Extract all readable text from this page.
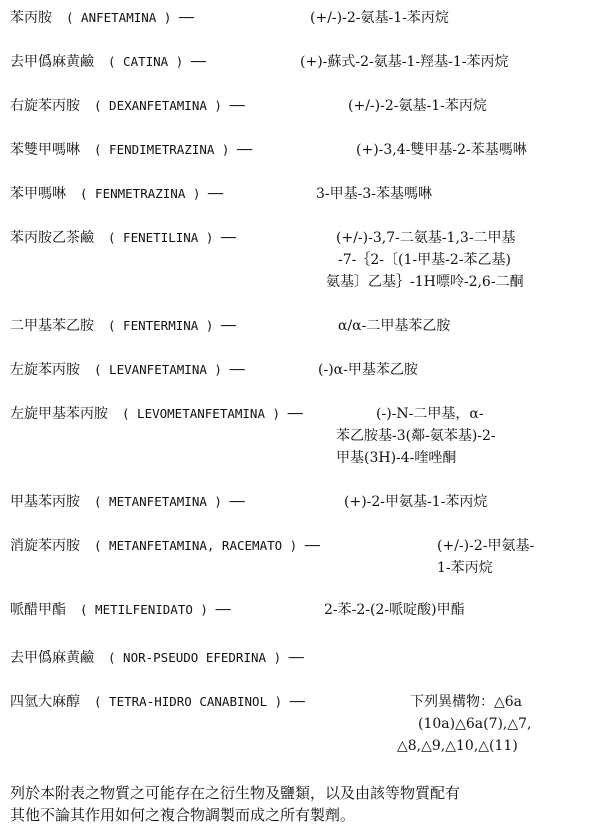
苯丙胺  ( ANFETAMINA ) ──	(+/-)-2-氨基-1-苯丙烷
去甲僞麻黄鹼  ( CATINA ) ──	(+)-蘇式-2-氨基-1-羥基-1-苯丙烷
右旋苯丙胺  ( DEXANFETAMINA ) ──	(+/-)-2-氨基-1-苯丙烷
苯雙甲嗎啉  ( FENDIMETRAZINA ) ──	(+)-3,4-雙甲基-2-苯基嗎啉
苯甲嗎啉  ( FENMETRAZINA ) ──	3-甲基-3-苯基嗎啉
苯丙胺乙茶鹼  ( FENETILINA ) ──	(+/-)-3,7-二氨基-1,3-二甲基
-7-｛2-〔(1-甲基-2-苯乙基)
氨基〕乙基｝-1H嘌呤-2,6-二酮
二甲基苯乙胺  ( FENTERMINA ) ──	α/α-二甲基苯乙胺
左旋苯丙胺  ( LEVANFETAMINA ) ──	(-)α-甲基苯乙胺
左旋甲基苯丙胺  ( LEVOMETANFETAMINA ) ──	(-)-N-二甲基，α-
苯乙胺基-3(鄰-氨苯基)-2-
甲基(3H)-4-喹唑酮
甲基苯丙胺  ( METANFETAMINA ) ──	(+)-2-甲氨基-1-苯丙烷
消旋苯丙胺  ( METANFETAMINA, RACEMATO ) ──	(+/-)-2-甲氨基-
1-苯丙烷
哌醋甲酯  ( METILFENIDATO ) ──	2-苯-2-(2-哌啶酸)甲酯
去甲僞麻黄鹼  ( NOR-PSEUDO EFEDRINA ) ──
四氫大麻醇  ( TETRA-HIDRO CANABINOL ) ──	下列異構物：△6a
(10a)△6a(7),△7,
△8,△9,△10,△(11)
列於本附表之物質之可能存在之衍生物及鹽類，以及由該等物質配有
其他不論其作用如何之複合物調製而成之所有製劑。
